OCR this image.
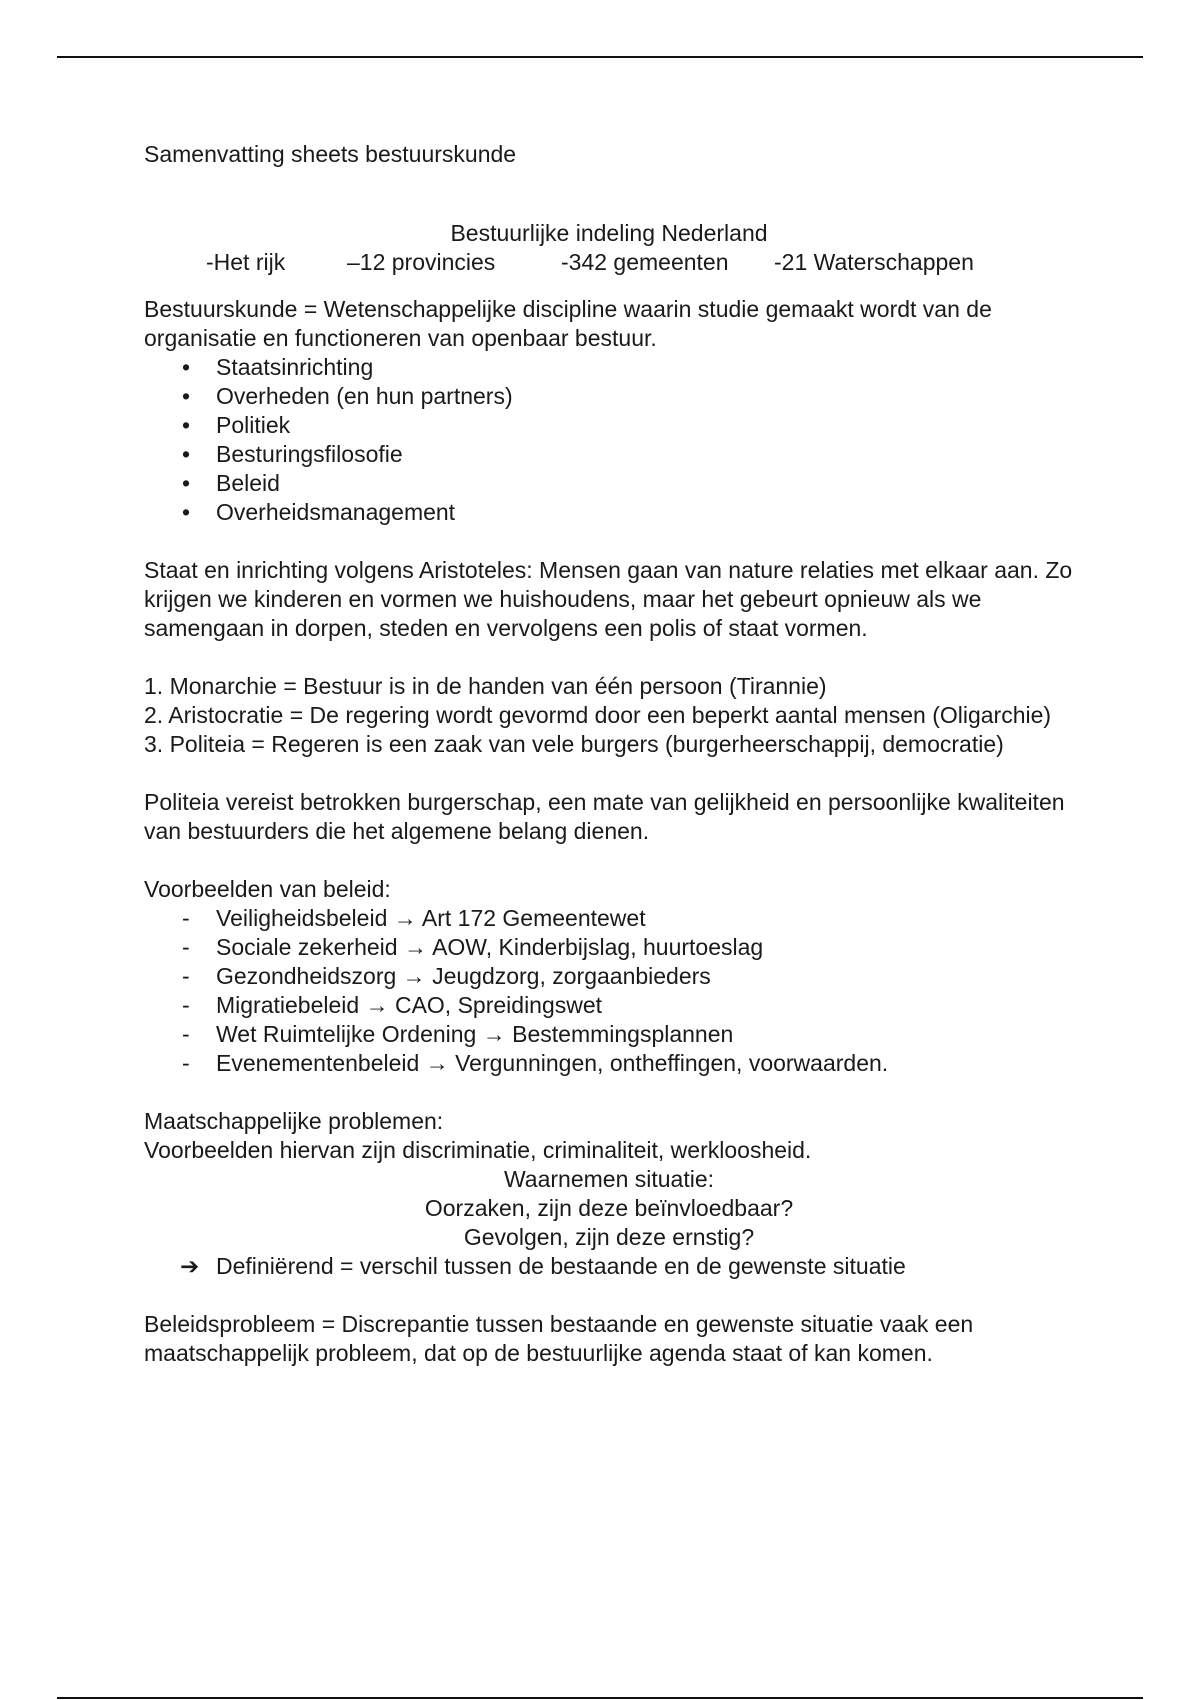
Samenvatting sheets bestuurskunde

Bestuurlijke indeling Nederland

-Het rijk	–12 provincies	-342 gemeenten -21 Waterschappen

Bestuurskunde = Wetenschappelijke discipline waarin studie gemaakt wordt van de organisatie en functioneren van openbaar bestuur.

• Staatsinrichting
• Overheden (en hun partners)
• Politiek
• Besturingsfilosofie
• Beleid
• Overheidsmanagement

Staat en inrichting volgens Aristoteles: Mensen gaan van nature relaties met elkaar aan. Zo krijgen we kinderen en vormen we huishoudens, maar het gebeurt opnieuw als we samengaan in dorpen, steden en vervolgens een polis of staat vormen.

1. Monarchie = Bestuur is in de handen van één persoon (Tirannie)

2. Aristocratie = De regering wordt gevormd door een beperkt aantal mensen (Oligarchie)

3. Politeia = Regeren is een zaak van vele burgers (burgerheerschappij, democratie)

Politeia vereist betrokken burgerschap, een mate van gelijkheid en persoonlijke kwaliteiten van bestuurders die het algemene belang dienen.

Voorbeelden van beleid:

- Veiligheidsbeleid → Art 172 Gemeentewet
- Sociale zekerheid → AOW, Kinderbijslag, huurtoeslag
- Gezondheidszorg → Jeugdzorg, zorgaanbieders
- Migratiebeleid → CAO, Spreidingswet
- Wet Ruimtelijke Ordening → Bestemmingsplannen
- Evenementenbeleid → Vergunningen, ontheffingen, voorwaarden.

Maatschappelijke problemen:

Voorbeelden hiervan zijn discriminatie, criminaliteit, werkloosheid.

Waarnemen situatie:

Oorzaken, zijn deze beïnvloedbaar?

Gevolgen, zijn deze ernstig?

➔ Definiërend = verschil tussen de bestaande en de gewenste situatie

Beleidsprobleem = Discrepantie tussen bestaande en gewenste situatie vaak een maatschappelijk probleem, dat op de bestuurlijke agenda staat of kan komen.
